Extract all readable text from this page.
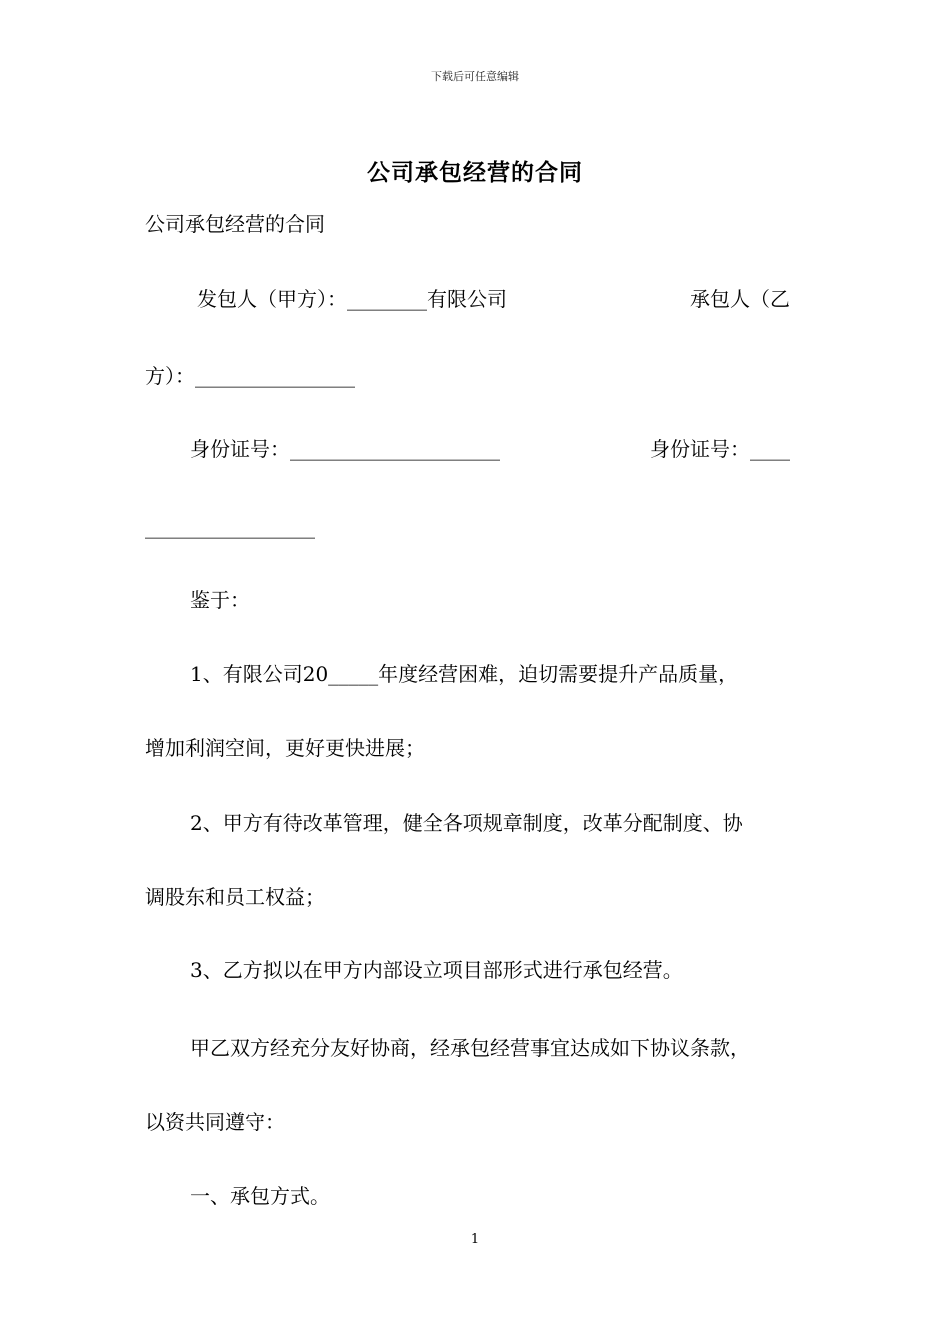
下载后可任意编辑
公司承包经营的合同
公司承包经营的合同
发包人（甲方）：________有限公司	承包人（乙
方）：________________
身份证号：_____________________	身份证号：____
_________________
鉴于：
1、有限公司20_____年度经营困难，迫切需要提升产品质量，
增加利润空间，更好更快进展；
2、甲方有待改革管理，健全各项规章制度，改革分配制度、协
调股东和员工权益；
3、乙方拟以在甲方内部设立项目部形式进行承包经营。
甲乙双方经充分友好协商，经承包经营事宜达成如下协议条款，
以资共同遵守：
一、承包方式。
1
